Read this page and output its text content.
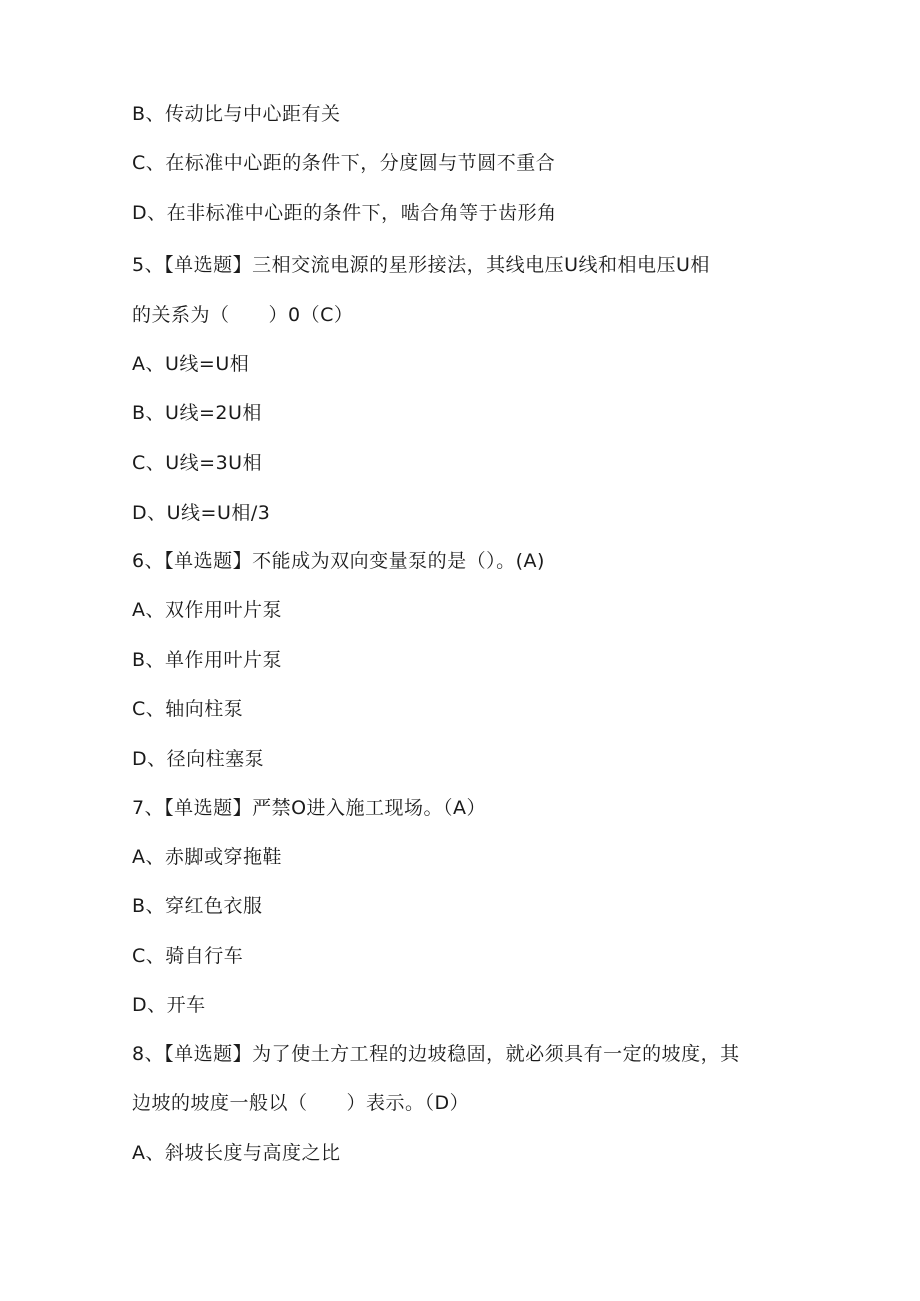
B、传动比与中心距有关
C、在标准中心距的条件下，分度圆与节圆不重合
D、在非标准中心距的条件下，啮合角等于齿形角
5、【单选题】三相交流电源的星形接法，其线电压U线和相电压U相
的关系为（　　）0（C）
A、U线=U相
B、U线=2U相
C、U线=3U相
D、U线=U相/3
6、【单选题】不能成为双向变量泵的是（）。(A)
A、双作用叶片泵
B、单作用叶片泵
C、轴向柱泵
D、径向柱塞泵
7、【单选题】严禁O进入施工现场。（A）
A、赤脚或穿拖鞋
B、穿红色衣服
C、骑自行车
D、开车
8、【单选题】为了使土方工程的边坡稳固，就必须具有一定的坡度，其
边坡的坡度一般以（　　）表示。（D）
A、斜坡长度与高度之比
